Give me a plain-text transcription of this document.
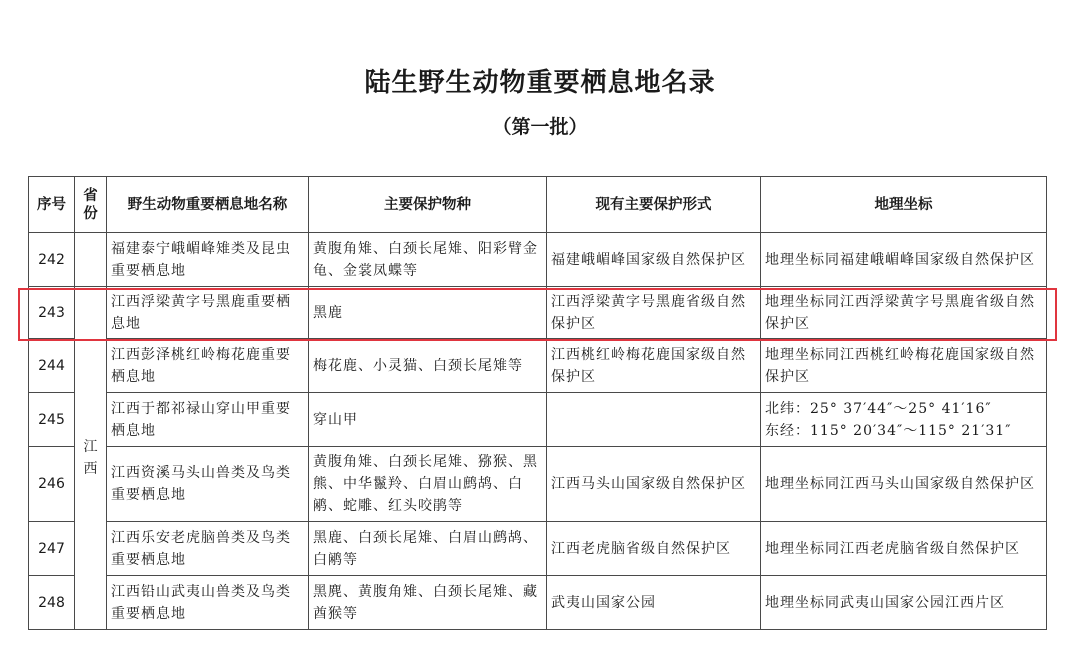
陆生野生动物重要栖息地名录
（第一批）
序号	省份	野生动物重要栖息地名称	主要保护物种	现有主要保护形式	地理坐标
242		福建泰宁峨嵋峰雉类及昆虫重要栖息地	黄腹角雉、白颈长尾雉、阳彩臂金龟、金裳凤蝶等	福建峨嵋峰国家级自然保护区	地理坐标同福建峨嵋峰国家级自然保护区
243	江西	江西浮梁黄字号黑鹿重要栖息地	黑鹿	江西浮梁黄字号黑鹿省级自然保护区	地理坐标同江西浮梁黄字号黑鹿省级自然保护区
244		江西彭泽桃红岭梅花鹿重要栖息地	梅花鹿、小灵猫、白颈长尾雉等	江西桃红岭梅花鹿国家级自然保护区	地理坐标同江西桃红岭梅花鹿国家级自然保护区
245		江西于都祁禄山穿山甲重要栖息地	穿山甲		北纬：25° 37′44″～25° 41′16″
东经：115° 20′34″～115° 21′31″

246		江西资溪马头山兽类及鸟类重要栖息地	黄腹角雉、白颈长尾雉、猕猴、黑熊、中华鬣羚、白眉山鹧鸪、白鹇、蛇雕、红头咬鹃等	江西马头山国家级自然保护区	地理坐标同江西马头山国家级自然保护区
247		江西乐安老虎脑兽类及鸟类重要栖息地	黑鹿、白颈长尾雉、白眉山鹧鸪、白鹇等	江西老虎脑省级自然保护区	地理坐标同江西老虎脑省级自然保护区
248		江西铅山武夷山兽类及鸟类重要栖息地	黑麂、黄腹角雉、白颈长尾雉、藏酋猴等	武夷山国家公园	地理坐标同武夷山国家公园江西片区
